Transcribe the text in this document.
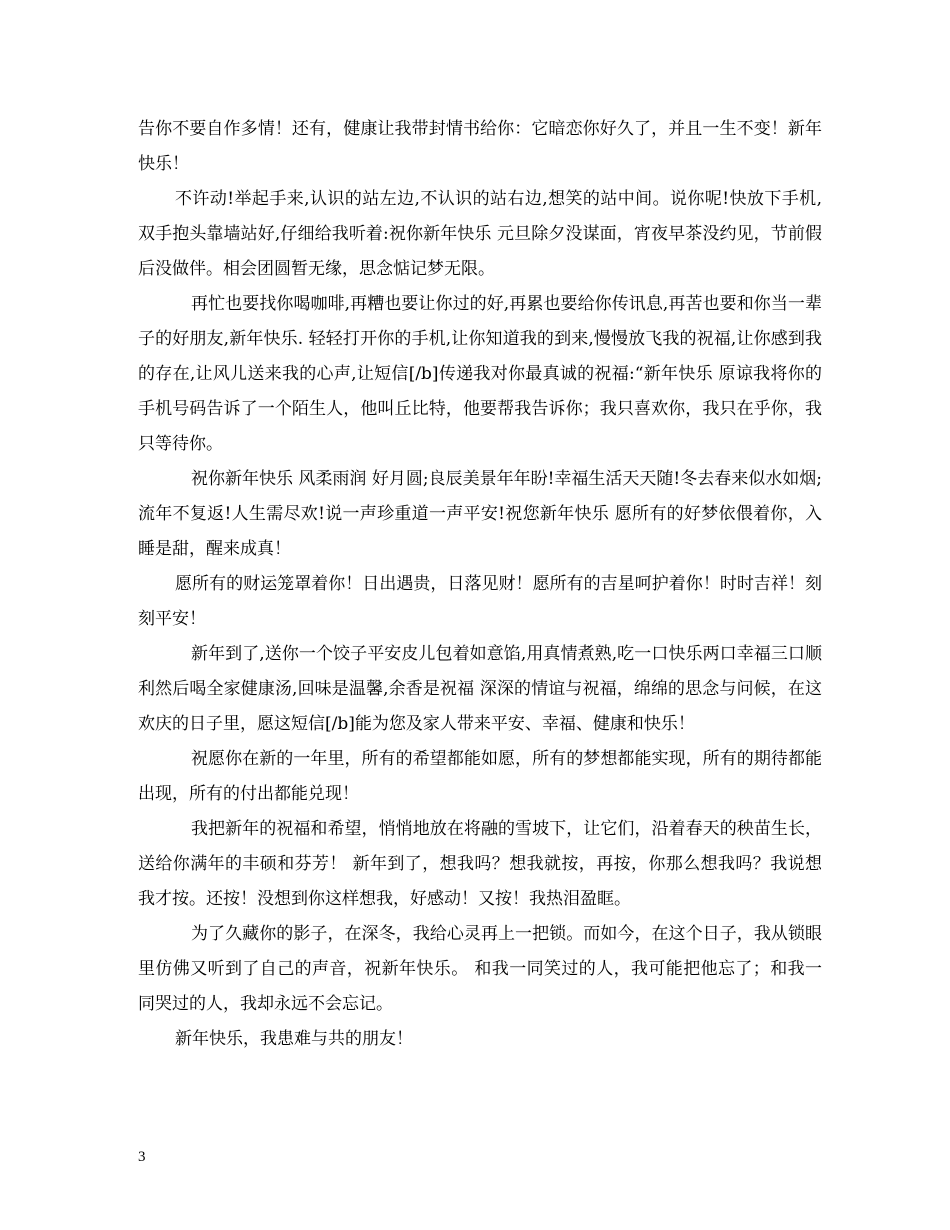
告你不要自作多情！还有，健康让我带封情书给你：它暗恋你好久了，并且一生不变！新年快乐！

不许动!举起手来,认识的站左边,不认识的站右边,想笑的站中间。说你呢!快放下手机,双手抱头靠墙站好,仔细给我听着:祝你新年快乐 元旦除夕没谋面，宵夜早茶没约见，节前假后没做伴。相会团圆暂无缘，思念惦记梦无限。

再忙也要找你喝咖啡,再糟也要让你过的好,再累也要给你传讯息,再苦也要和你当一辈子的好朋友,新年快乐. 轻轻打开你的手机,让你知道我的到来,慢慢放飞我的祝福,让你感到我的存在,让风儿送来我的心声,让短信[/b]传递我对你最真诚的祝福:“新年快乐 原谅我将你的手机号码告诉了一个陌生人，他叫丘比特，他要帮我告诉你；我只喜欢你，我只在乎你，我只等待你。

祝你新年快乐 风柔雨润 好月圆;良辰美景年年盼!幸福生活天天随!冬去春来似水如烟;流年不复返!人生需尽欢!说一声珍重道一声平安!祝您新年快乐 愿所有的好梦依偎着你，入睡是甜，醒来成真！

愿所有的财运笼罩着你！日出遇贵，日落见财！愿所有的吉星呵护着你！时时吉祥！刻刻平安！

新年到了,送你一个饺子平安皮儿包着如意馅,用真情煮熟,吃一口快乐两口幸福三口顺利然后喝全家健康汤,回味是温馨,余香是祝福 深深的情谊与祝福，绵绵的思念与问候，在这欢庆的日子里，愿这短信[/b]能为您及家人带来平安、幸福、健康和快乐！

祝愿你在新的一年里，所有的希望都能如愿，所有的梦想都能实现，所有的期待都能出现，所有的付出都能兑现！

我把新年的祝福和希望，悄悄地放在将融的雪坡下，让它们，沿着春天的秧苗生长，送给你满年的丰硕和芬芳！ 新年到了，想我吗？想我就按，再按，你那么想我吗？我说想我才按。还按！没想到你这样想我，好感动！又按！我热泪盈眶。

为了久藏你的影子，在深冬，我给心灵再上一把锁。而如今，在这个日子，我从锁眼里仿佛又听到了自己的声音，祝新年快乐。 和我一同笑过的人，我可能把他忘了；和我一同哭过的人，我却永远不会忘记。

新年快乐，我患难与共的朋友！

3
